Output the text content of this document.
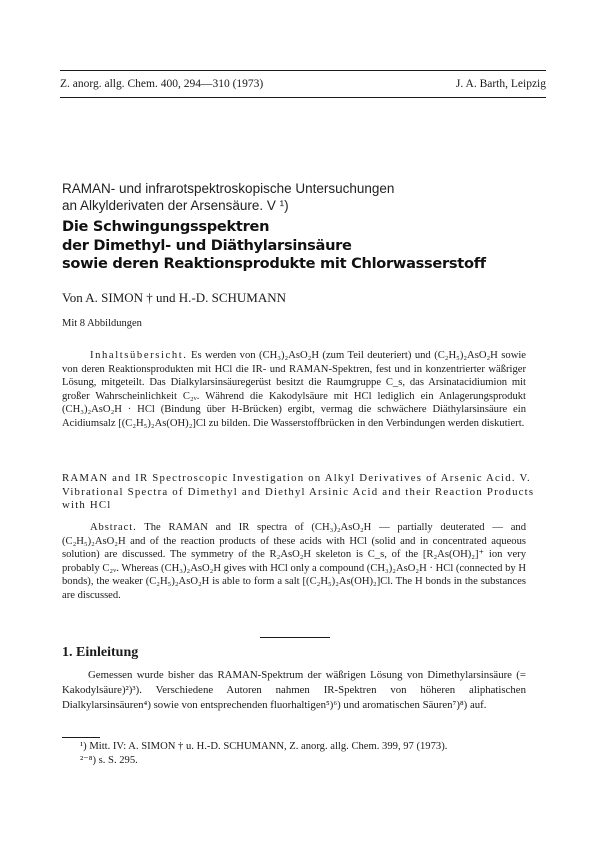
Z. anorg. allg. Chem. 400, 294—310 (1973)	J. A. Barth, Leipzig
RAMAN- und infrarotspektroskopische Untersuchungen
an Alkylderivaten der Arsensäure. V ¹)
Die Schwingungsspektren
der Dimethyl- und Diäthylarsinsäure
sowie deren Reaktionsprodukte mit Chlorwasserstoff
Von A. SIMON † und H.-D. SCHUMANN
Mit 8 Abbildungen
Inhaltsübersicht. Es werden von (CH₃)₂AsO₂H (zum Teil deuteriert) und (C₂H₅)₂AsO₂H sowie von deren Reaktionsprodukten mit HCl die IR- und RAMAN-Spektren, fest und in konzentrierter wäßriger Lösung, mitgeteilt. Das Dialkylarsinsäuregerüst besitzt die Raumgruppe C_s, das Arsinatacidiumion mit großer Wahrscheinlichkeit C₂ᵥ. Während die Kakodylsäure mit HCl lediglich ein Anlagerungsprodukt (CH₃)₂AsO₂H · HCl (Bindung über H-Brücken) ergibt, vermag die schwächere Diäthylarsinsäure ein Acidiumsalz [(C₂H₅)₂As(OH)₂]Cl zu bilden. Die Wasserstoffbrücken in den Verbindungen werden diskutiert.
RAMAN and IR Spectroscopic Investigation on Alkyl Derivatives of Arsenic Acid. V. Vibrational Spectra of Dimethyl and Diethyl Arsinic Acid and their Reaction Products with HCl
Abstract. The RAMAN and IR spectra of (CH₃)₂AsO₂H — partially deuterated — and (C₂H₅)₂AsO₂H and of the reaction products of these acids with HCl (solid and in concentrated aqueous solution) are discussed. The symmetry of the R₂AsO₂H skeleton is C_s, of the [R₂As(OH)₂]⁺ ion very probably C₂ᵥ. Whereas (CH₃)₂AsO₂H gives with HCl only a compound (CH₃)₂AsO₂H · HCl (connected by H bonds), the weaker (C₂H₅)₂AsO₂H is able to form a salt [(C₂H₅)₂As(OH)₂]Cl. The H bonds in the substances are discussed.
1. Einleitung
Gemessen wurde bisher das RAMAN-Spektrum der wäßrigen Lösung von Dimethylarsinsäure (= Kakodylsäure)²)³). Verschiedene Autoren nahmen IR-Spektren von höheren aliphatischen Dialkylarsinsäuren⁴) sowie von entsprechenden fluorhaltigen⁵)⁶) und aromatischen Säuren⁷)⁸) auf.
¹) Mitt. IV: A. SIMON † u. H.-D. SCHUMANN, Z. anorg. allg. Chem. 399, 97 (1973).
²⁻⁸) s. S. 295.
